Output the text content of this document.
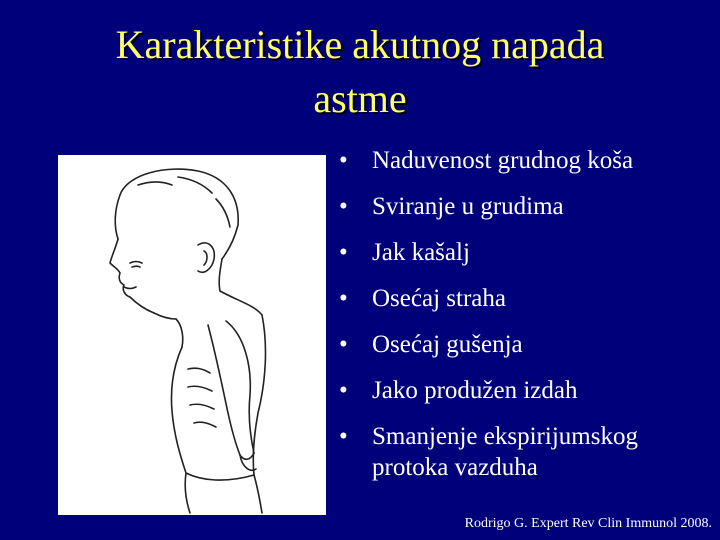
Karakteristike akutnog napada
astme
• Naduvenost grudnog koša
• Sviranje u grudima
• Jak kašalj
• Osećaj straha
• Osećaj gušenja
• Jako produžen izdah
• Smanjenje ekspirijumskog protoka vazduha
Rodrigo G. Expert Rev Clin Immunol 2008.
